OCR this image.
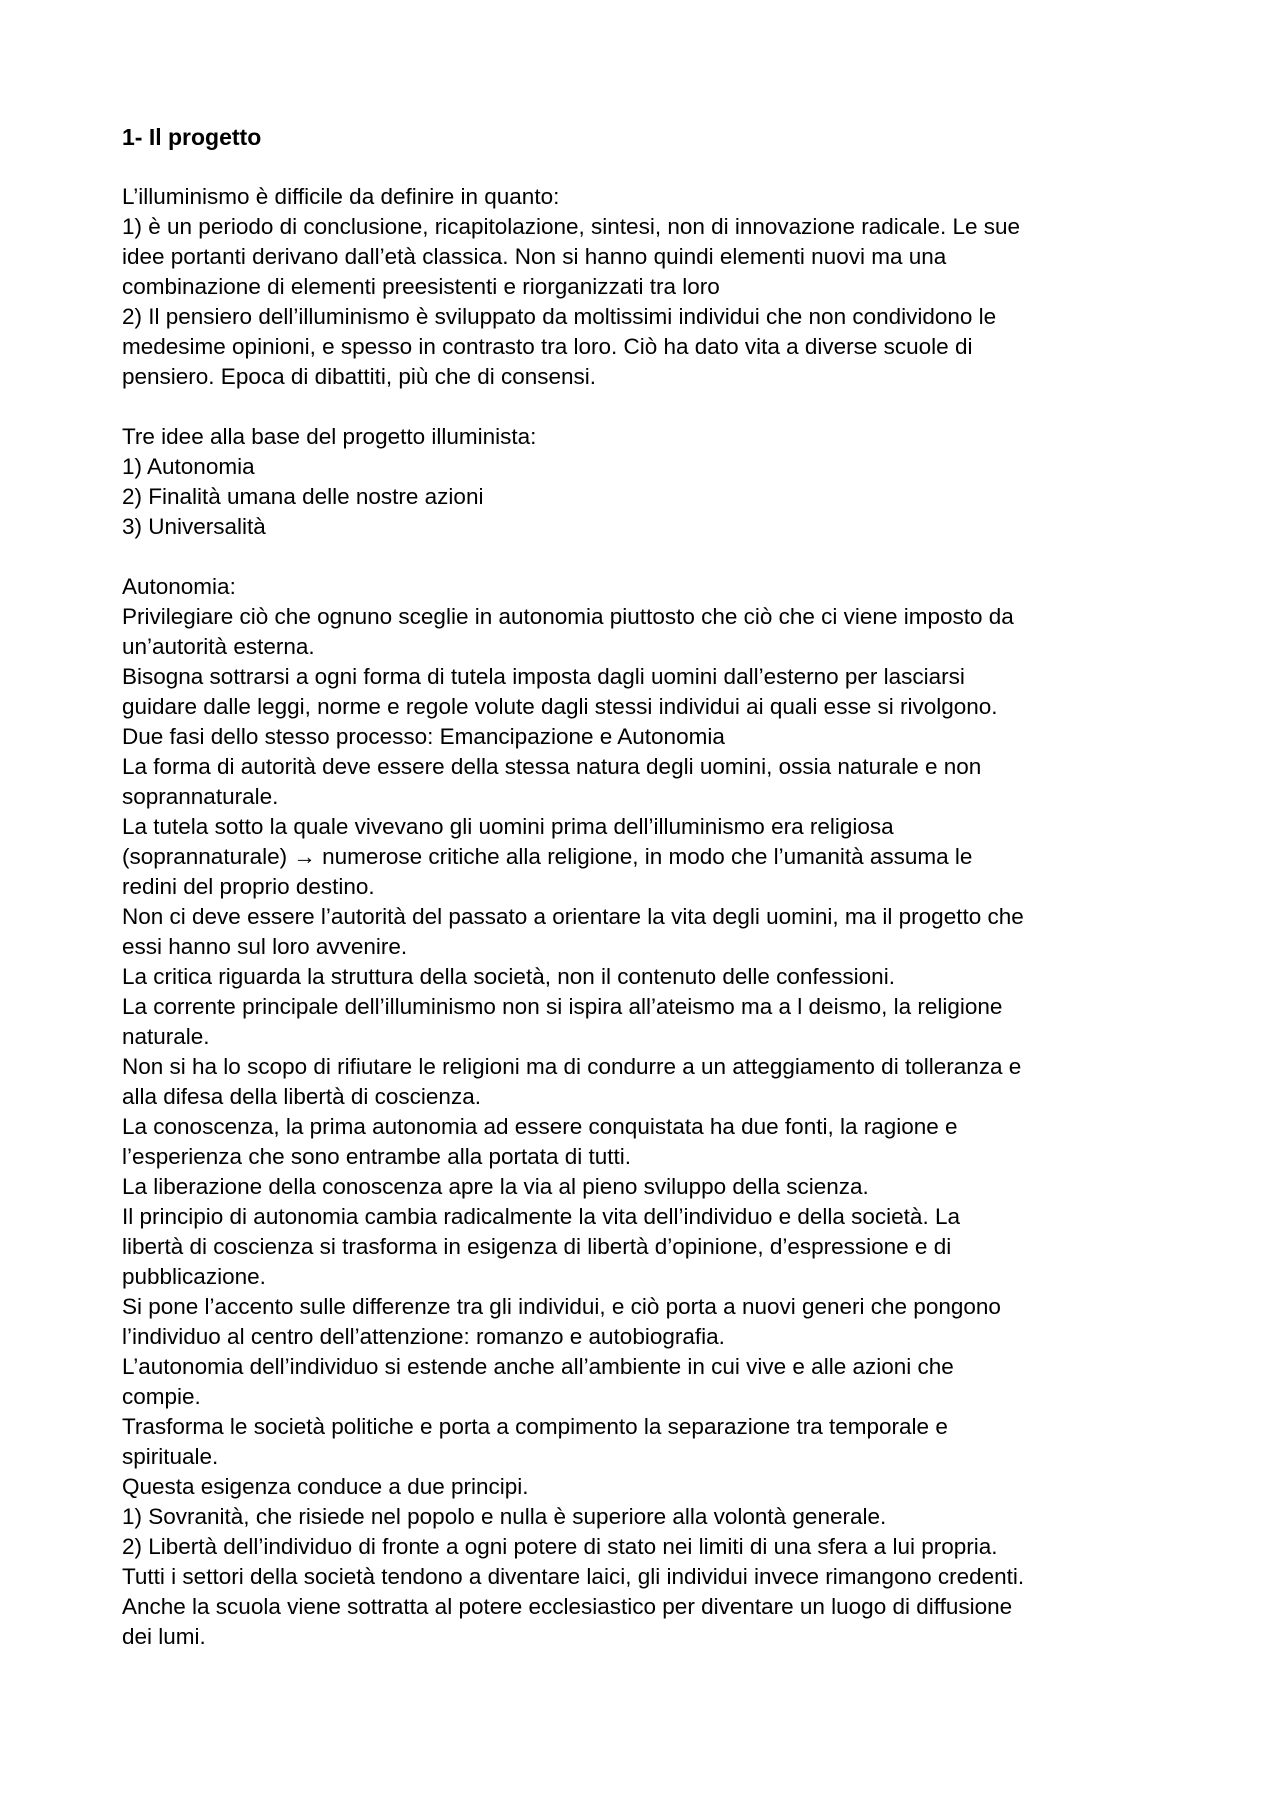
1- Il progetto
L’illuminismo è difficile da definire in quanto:
1) è un periodo di conclusione, ricapitolazione, sintesi, non di innovazione radicale. Le sue
idee portanti derivano dall’età classica. Non si hanno quindi elementi nuovi ma una
combinazione di elementi preesistenti e riorganizzati tra loro
2) Il pensiero dell’illuminismo è sviluppato da moltissimi individui che non condividono le
medesime opinioni, e spesso in contrasto tra loro. Ciò ha dato vita a diverse scuole di
pensiero. Epoca di dibattiti, più che di consensi.
Tre idee alla base del progetto illuminista:
1) Autonomia
2) Finalità umana delle nostre azioni
3) Universalità
Autonomia:
Privilegiare ciò che ognuno sceglie in autonomia piuttosto che ciò che ci viene imposto da
un’autorità esterna.
Bisogna sottrarsi a ogni forma di tutela imposta dagli uomini dall’esterno per lasciarsi
guidare dalle leggi, norme e regole volute dagli stessi individui ai quali esse si rivolgono.
Due fasi dello stesso processo: Emancipazione e Autonomia
La forma di autorità deve essere della stessa natura degli uomini, ossia naturale e non
soprannaturale.
La tutela sotto la quale vivevano gli uomini prima dell’illuminismo era religiosa
(soprannaturale) → numerose critiche alla religione, in modo che l’umanità assuma le
redini del proprio destino.
Non ci deve essere l’autorità del passato a orientare la vita degli uomini, ma il progetto che
essi hanno sul loro avvenire.
La critica riguarda la struttura della società, non il contenuto delle confessioni.
La corrente principale dell’illuminismo non si ispira all’ateismo ma a l deismo, la religione
naturale.
Non si ha lo scopo di rifiutare le religioni ma di condurre a un atteggiamento di tolleranza e
alla difesa della libertà di coscienza.
La conoscenza, la prima autonomia ad essere conquistata ha due fonti, la ragione e
l’esperienza che sono entrambe alla portata di tutti.
La liberazione della conoscenza apre la via al pieno sviluppo della scienza.
Il principio di autonomia cambia radicalmente la vita dell’individuo e della società. La
libertà di coscienza si trasforma in esigenza di libertà d’opinione, d’espressione e di
pubblicazione.
Si pone l’accento sulle differenze tra gli individui, e ciò porta a nuovi generi che pongono
l’individuo al centro dell’attenzione: romanzo e autobiografia.
L’autonomia dell’individuo si estende anche all’ambiente in cui vive e alle azioni che
compie.
Trasforma le società politiche e porta a compimento la separazione tra temporale e
spirituale.
Questa esigenza conduce a due principi.
1) Sovranità, che risiede nel popolo e nulla è superiore alla volontà generale.
2) Libertà dell’individuo di fronte a ogni potere di stato nei limiti di una sfera a lui propria.
Tutti i settori della società tendono a diventare laici, gli individui invece rimangono credenti.
Anche la scuola viene sottratta al potere ecclesiastico per diventare un luogo di diffusione
dei lumi.
